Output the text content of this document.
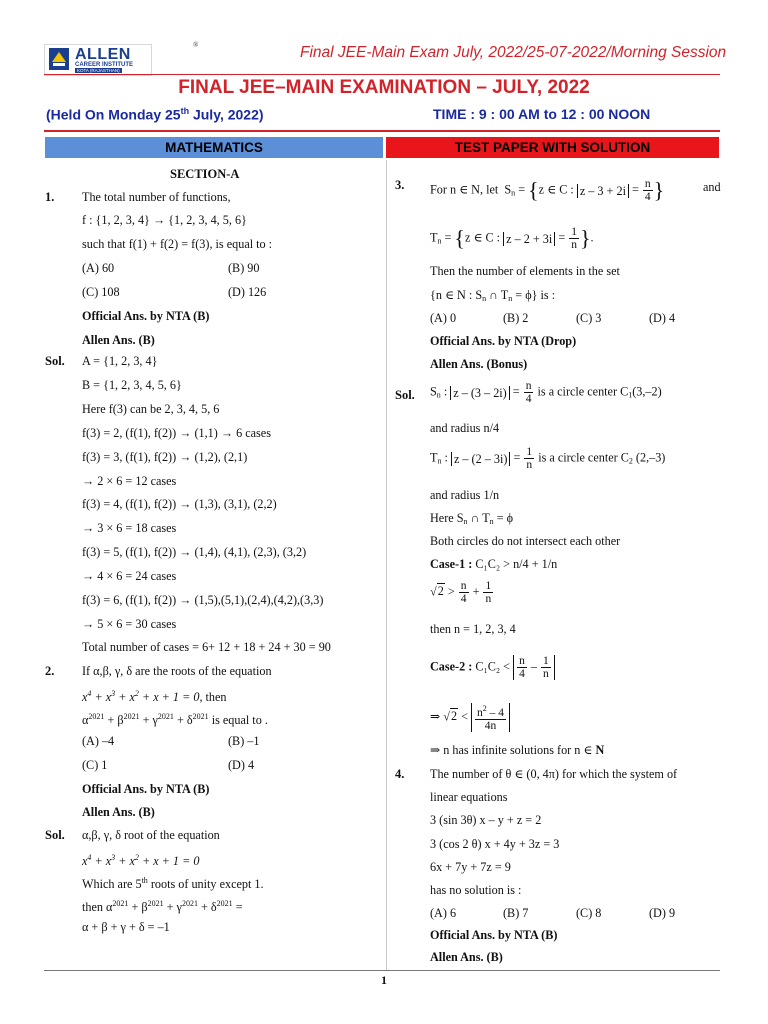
ALLEN
CAREER INSTITUTE
KOTA (RAJASTHAN)
®	Final JEE-Main Exam July, 2022/25-07-2022/Morning Session
FINAL JEE–MAIN EXAMINATION – JULY, 2022
(Held On Monday 25th July, 2022)	TIME : 9 : 00 AM to 12 : 00 NOON
MATHEMATICS	TEST PAPER WITH SOLUTION
SECTION-A
1. The total number of functions,
f : {1, 2, 3, 4} → {1, 2, 3, 4, 5, 6}
such that f(1) + f(2) = f(3), is equal to :
(A) 60	(B) 90
(C) 108	(D) 126
Official Ans. by NTA (B)
Allen Ans. (B)
Sol. A = {1, 2, 3, 4}
B = {1, 2, 3, 4, 5, 6}
Here f(3) can be 2, 3, 4, 5, 6
f(3) = 2, (f(1), f(2)) → (1,1) → 6 cases
f(3) = 3, (f(1), f(2)) → (1,2), (2,1)
→ 2 × 6 = 12 cases
f(3) = 4, (f(1), f(2)) → (1,3), (3,1), (2,2)
→ 3 × 6 = 18 cases
f(3) = 5, (f(1), f(2)) → (1,4), (4,1), (2,3), (3,2)
→ 4 × 6 = 24 cases
f(3) = 6, (f(1), f(2)) → (1,5),(5,1),(2,4),(4,2),(3,3)
→ 5 × 6 = 30 cases
Total number of cases = 6+ 12 + 18 + 24 + 30 = 90
2. If α,β, γ, δ are the roots of the equation
$x^4 + x^3 + x^2 + x + 1 = 0$, then
$\alpha^{2021} + \beta^{2021} + \gamma^{2021} + \delta^{2021}$ is equal to .
(A) –4	(B) –1
(C) 1	(D) 4
Official Ans. by NTA (B)
Allen Ans. (B)
Sol. α,β, γ, δ root of the equation
$x^4 + x^3 + x^2 + x + 1 = 0$
Which are 5th roots of unity except 1.
then $\alpha^{2021} + \beta^{2021} + \gamma^{2021} + \delta^{2021}$ =
α + β + γ + δ = –1
3. For n ∈ N, let  $S_n = \{z$ ∈ C : $z - 3 + 2i = \frac{n}{4}$ }	and
$T_n = \{z$ ∈ C : $z - 2 + 3i = \frac{1}{n}$ }.
Then the number of elements in the set
{n ∈ N : $S_n$ ∩ $T_n = \phi$} is :
(A) 0	(B) 2	(C) 3	(D) 4
Official Ans. by NTA (Drop)
Allen Ans. (Bonus)
Sol. $S_n$ : $z - (3 - 2i) = \frac{n}{4}$ is a circle center $C_1(3,-2)$
and radius n/4
$T_n$ : $z - (2 - 3i) = \frac{1}{n}$ is a circle center $C_2$ (2,–3)
and radius 1/n
Here $S_n$ ∩ $T_n = \phi$
Both circles do not intersect each other
Case-1 : C₁C₂ > n/4 + 1/n
$√2 > \frac{n}{4} + \frac{1}{n}$
then n = 1, 2, 3, 4
Case-2 : $C_1C_2 < \frac{n}{4} - \frac{1}{n}$
⇒ $√2 < \frac{n^2 - 4}{4n}$
⇒ n has infinite solutions for n ∈ N
4. The number of θ ∈ (0, 4π) for which the system of
linear equations
3 (sin 3θ) x – y + z = 2
3 (cos 2 θ) x + 4y + 3z = 3
6x + 7y + 7z = 9
has no solution is :
(A) 6	(B) 7	(C) 8	(D) 9
Official Ans. by NTA (B)
Allen Ans. (B)
1
